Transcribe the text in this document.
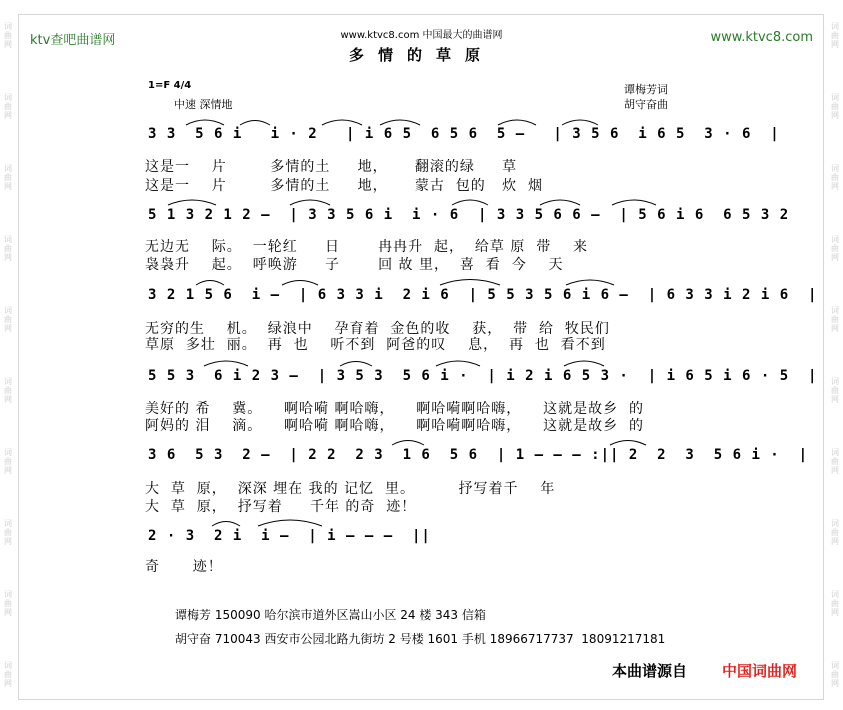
词曲网
词曲网
词曲网
词曲网
词曲网
词曲网
词曲网
词曲网
词曲网
词曲网
词曲网
词曲网
词曲网
词曲网
词曲网
词曲网
词曲网
词曲网
词曲网
词曲网
ktv查吧曲谱网	www.ktvc8.com 中国最大的曲谱网	www.ktvc8.com
多情的草原
1=F 4/4
中速 深情地
谭梅芳词
胡守奋曲
3 3  5 6 i   i · 2   | i 6 5  6 5 6  5 —   | 3 5 6  i 6 5  3 · 6  |
这是一    片        多情的土     地，     翻滚的绿     草
这是一    片        多情的土     地，     蒙古  包的   炊  烟
5 1 3 2 1 2 —  | 3 3 5 6 i  i · 6  | 3 3 5 6 6 —  | 5 6 i 6  6 5 3 2
无边无    际。  一轮红     日       冉冉升  起，  给草 原  带    来
袅袅升    起。  呼唤游     子       回 故 里，  喜  看  今    天
3 2 1 5 6  i —  | 6 3 3 i  2 i 6  | 5 5 3 5 6 i 6 —  | 6 3 3 i 2 i 6  |
无穷的生    机。  绿浪中    孕育着  金色的收    获，  带  给  牧民们
草原  多壮  丽。  再  也    听不到  阿爸的叹    息，  再  也  看不到
5 5 3  6 i 2 3 —  | 3 5 3  5 6 i ·  | i 2 i 6 5 3 ·  | i 6 5 i 6 · 5  |
美好的 希    冀。    啊哈嗬 啊哈嗨，    啊哈嗬啊哈嗨，    这就是故乡  的
阿妈的 泪    滴。    啊哈嗬 啊哈嗨，    啊哈嗬啊哈嗨，    这就是故乡  的
3 6  5 3  2 —  | 2 2  2 3  1 6  5 6  | 1 — — — :|| 2  2  3  5 6 i ·  |
大  草  原，  深深 埋在 我的 记忆  里。        抒写着千    年
大  草  原，  抒写着     千年 的奇  迹！
2 · 3  2 i  i —  | i — — —  ||
奇      迹！
谭梅芳 150090 哈尔滨市道外区嵩山小区 24 楼 343 信箱
胡守奋 710043 西安市公园北路九街坊 2 号楼 1601 手机 18966717737  18091217181
本曲谱源自 中国词曲网
